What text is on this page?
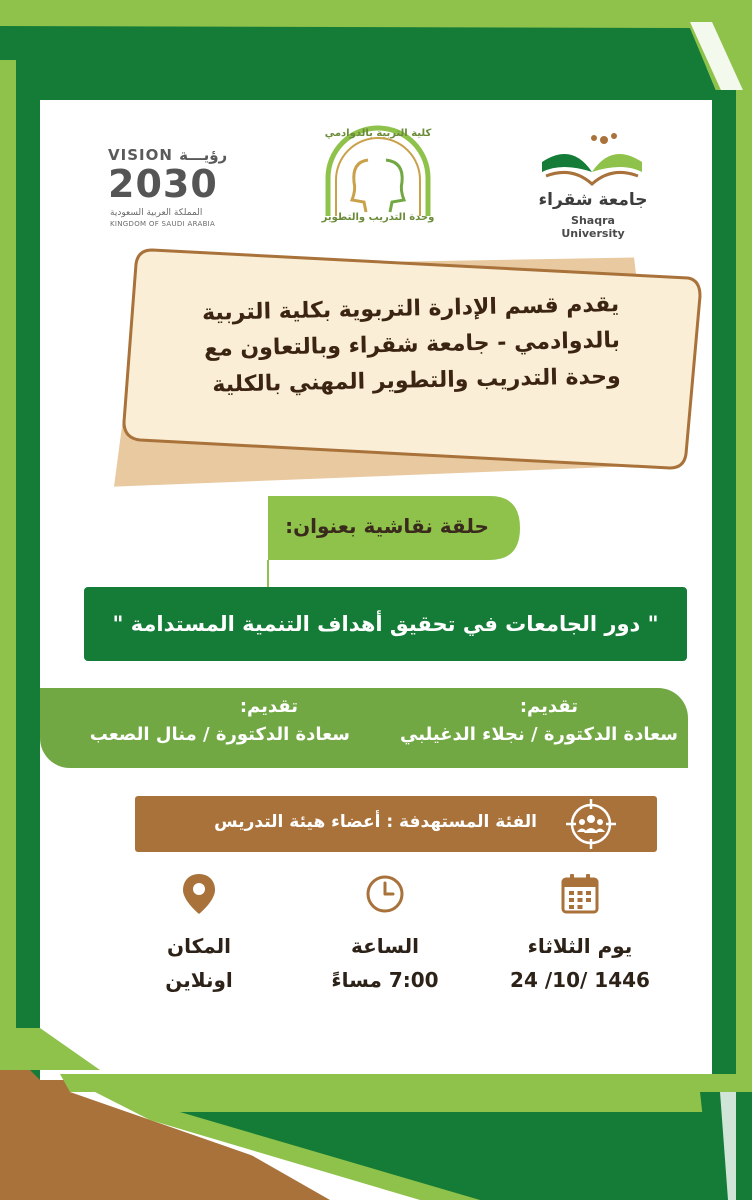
VISION رؤيـــة
2030
المملكة العربية السعودية
KINGDOM OF SAUDI ARABIA
كلية التربية بالدوادمي
وحدة التدريب والتطوير
جامعة شقراء
Shaqra University
يقدم قسم الإدارة التربوية بكلية التربية
بالدوادمي - جامعة شقراء وبالتعاون مع
وحدة التدريب والتطوير المهني بالكلية
حلقة نقاشية بعنوان:
" دور الجامعات في تحقيق أهداف التنمية المستدامة "
تقديم:
سعادة الدكتورة / نجلاء الدغيلبي
تقديم:
سعادة الدكتورة / منال الصعب
الفئة المستهدفة : أعضاء هيئة التدريس
يوم الثلاثاء
1446 /10/ 24
الساعة
7:00 مساءً
المكان
اونلاين
